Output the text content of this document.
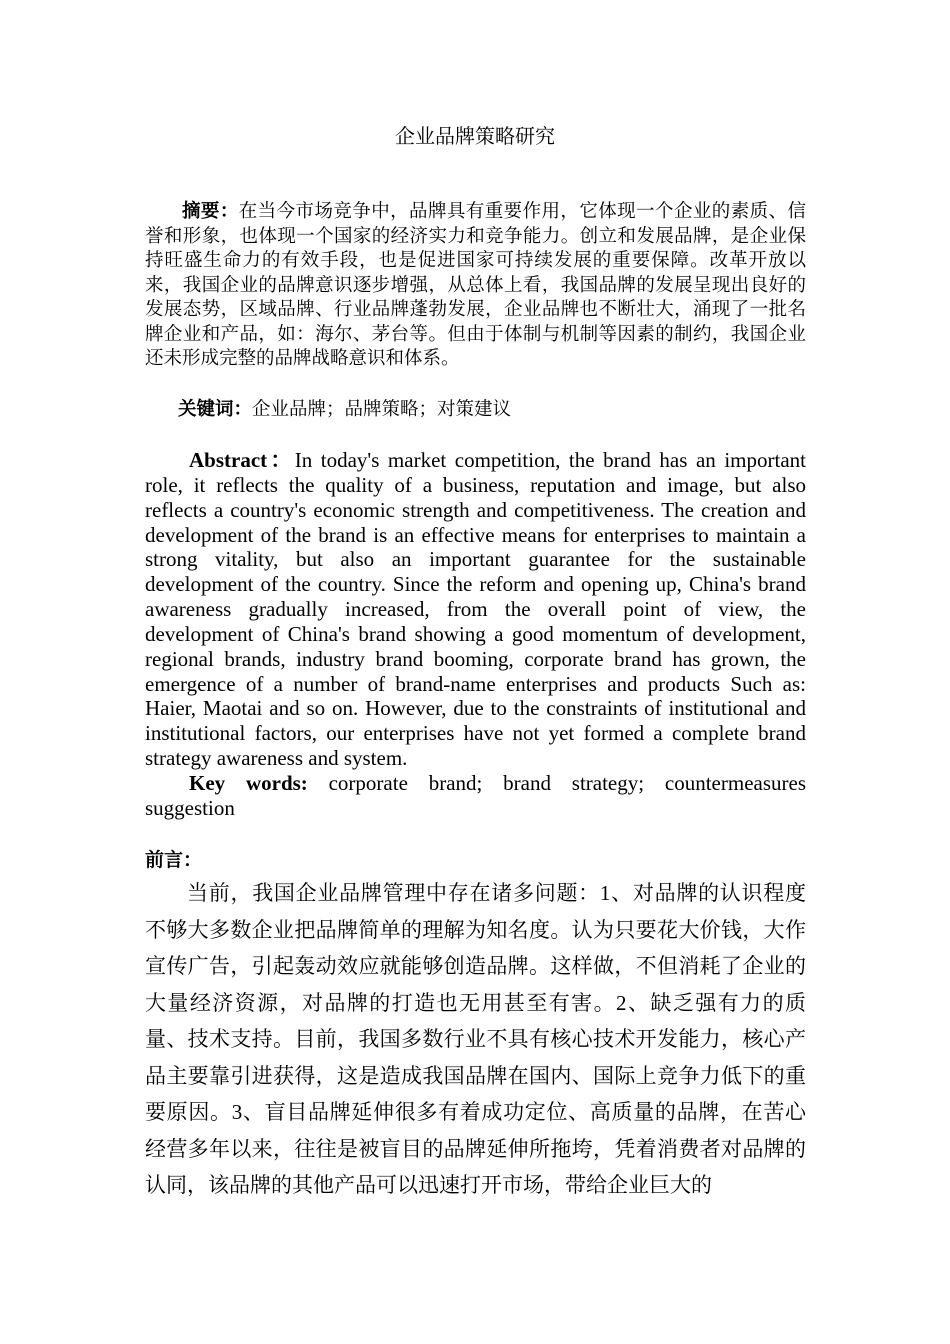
企业品牌策略研究
摘要：在当今市场竞争中，品牌具有重要作用，它体现一个企业的素质、信誉和形象，也体现一个国家的经济实力和竞争能力。创立和发展品牌，是企业保持旺盛生命力的有效手段，也是促进国家可持续发展的重要保障。改革开放以来，我国企业的品牌意识逐步增强，从总体上看，我国品牌的发展呈现出良好的发展态势，区域品牌、行业品牌蓬勃发展，企业品牌也不断壮大，涌现了一批名牌企业和产品，如：海尔、茅台等。但由于体制与机制等因素的制约，我国企业还未形成完整的品牌战略意识和体系。
关键词：企业品牌；品牌策略；对策建议
Abstract：In today's market competition, the brand has an important role, it reflects the quality of a business, reputation and image, but also reflects a country's economic strength and competitiveness. The creation and development of the brand is an effective means for enterprises to maintain a strong vitality, but also an important guarantee for the sustainable development of the country. Since the reform and opening up, China's brand awareness gradually increased, from the overall point of view, the development of China's brand showing a good momentum of development, regional brands, industry brand booming, corporate brand has grown, the emergence of a number of brand-name enterprises and products Such as: Haier, Maotai and so on. However, due to the constraints of institutional and institutional factors, our enterprises have not yet formed a complete brand strategy awareness and system.
Key words: corporate brand; brand strategy; countermeasures suggestion
前言：
当前，我国企业品牌管理中存在诸多问题：1、对品牌的认识程度不够大多数企业把品牌简单的理解为知名度。认为只要花大价钱，大作宣传广告，引起轰动效应就能够创造品牌。这样做，不但消耗了企业的大量经济资源，对品牌的打造也无用甚至有害。2、缺乏强有力的质量、技术支持。目前，我国多数行业不具有核心技术开发能力，核心产品主要靠引进获得，这是造成我国品牌在国内、国际上竞争力低下的重要原因。3、盲目品牌延伸很多有着成功定位、高质量的品牌，在苦心经营多年以来，往往是被盲目的品牌延伸所拖垮，凭着消费者对品牌的认同，该品牌的其他产品可以迅速打开市场，带给企业巨大的
